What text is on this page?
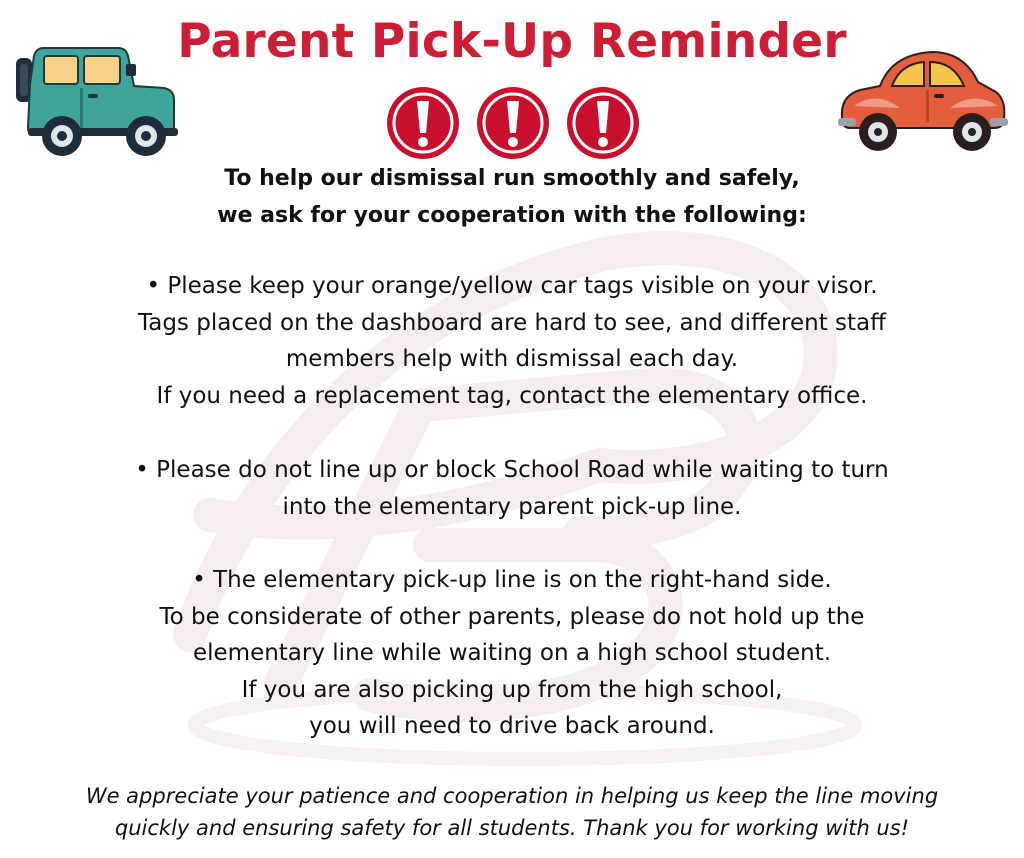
Parent Pick-Up Reminder
To help our dismissal run smoothly and safely,
we ask for your cooperation with the following:
• Please keep your orange/yellow car tags visible on your visor.
Tags placed on the dashboard are hard to see, and different staff
members help with dismissal each day.
If you need a replacement tag, contact the elementary office.
• Please do not line up or block School Road while waiting to turn
into the elementary parent pick-up line.
• The elementary pick-up line is on the right-hand side.
To be considerate of other parents, please do not hold up the
elementary line while waiting on a high school student.
If you are also picking up from the high school,
you will need to drive back around.
We appreciate your patience and cooperation in helping us keep the line moving
quickly and ensuring safety for all students. Thank you for working with us!
